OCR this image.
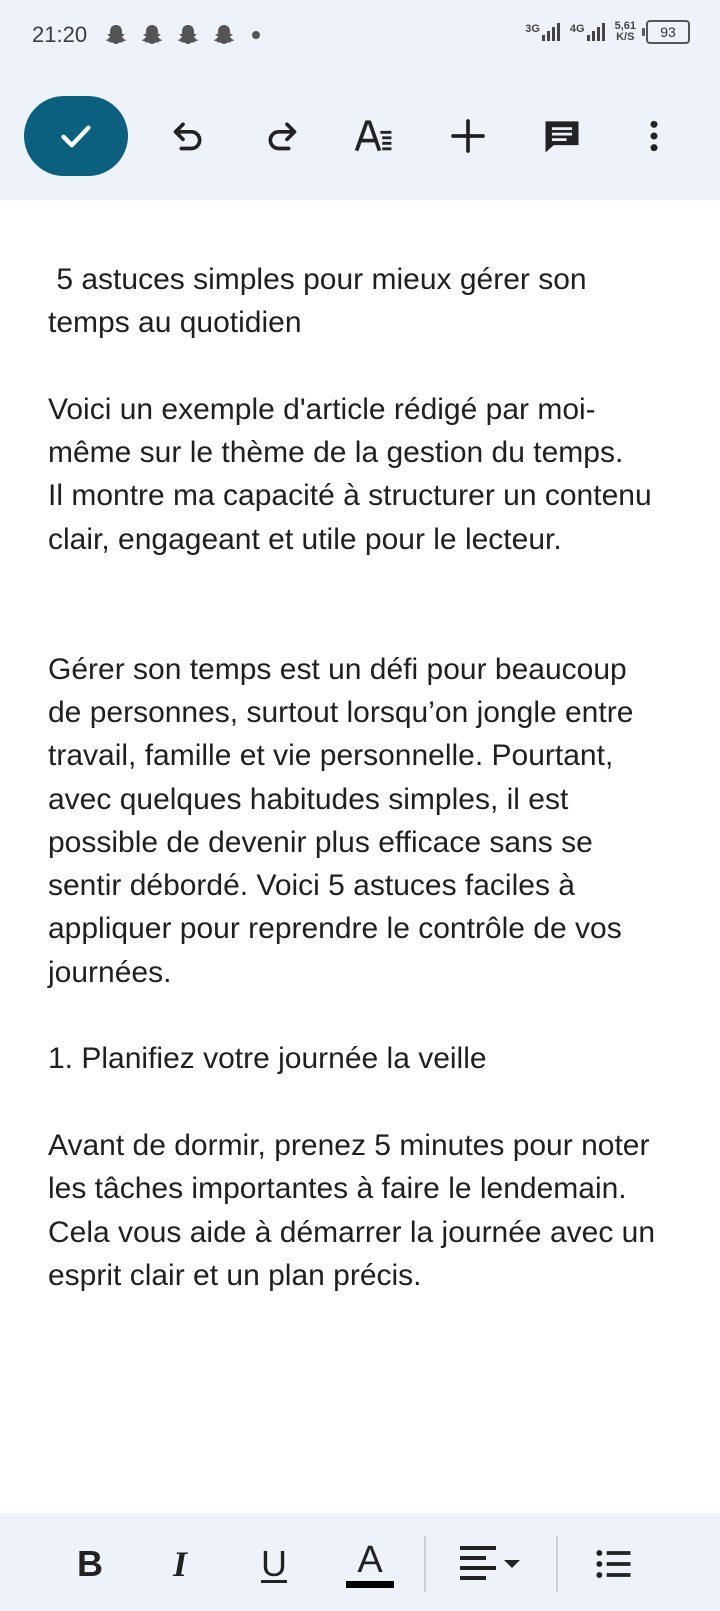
21:20	3G	4G	5,61
K/S	93

5 astuces simples pour mieux gérer son temps au quotidien

Voici un exemple d'article rédigé par moi-même sur le thème de la gestion du temps.

Il montre ma capacité à structurer un contenu clair, engageant et utile pour le lecteur.

Gérer son temps est un défi pour beaucoup de personnes, surtout lorsqu’on jongle entre travail, famille et vie personnelle. Pourtant, avec quelques habitudes simples, il est possible de devenir plus efficace sans se sentir débordé. Voici 5 astuces faciles à appliquer pour reprendre le contrôle de vos journées.

1. Planifiez votre journée la veille

Avant de dormir, prenez 5 minutes pour noter les tâches importantes à faire le lendemain. Cela vous aide à démarrer la journée avec un esprit clair et un plan précis.

B I U A
